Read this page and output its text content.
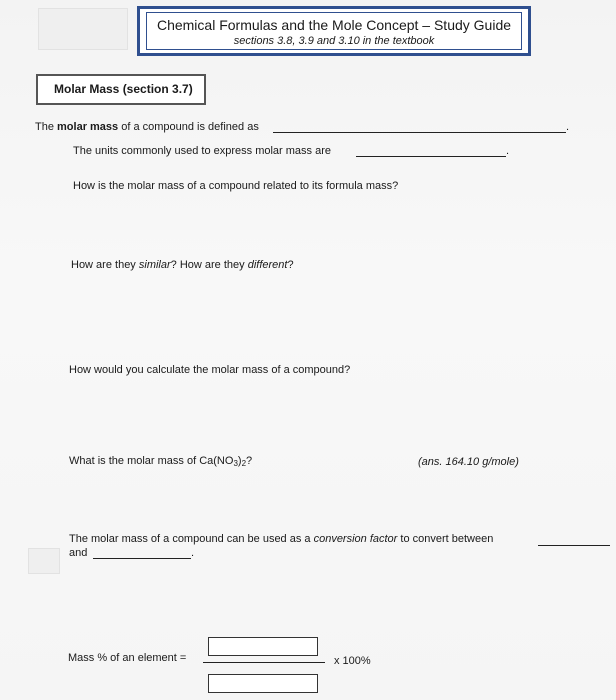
Chemical Formulas and the Mole Concept – Study Guide
sections 3.8, 3.9 and 3.10 in the textbook
Molar Mass (section 3.7)
The molar mass of a compound is defined as	.
The units commonly used to express molar mass are	.
How is the molar mass of a compound related to its formula mass?
How are they similar? How are they different?
How would you calculate the molar mass of a compound?
What is the molar mass of $Ca(NO_3)_2$?	(ans. 164.10 g/mole)
The molar mass of a compound can be used as a conversion factor to convert between
and	.
Mass % of an element =	x 100%
